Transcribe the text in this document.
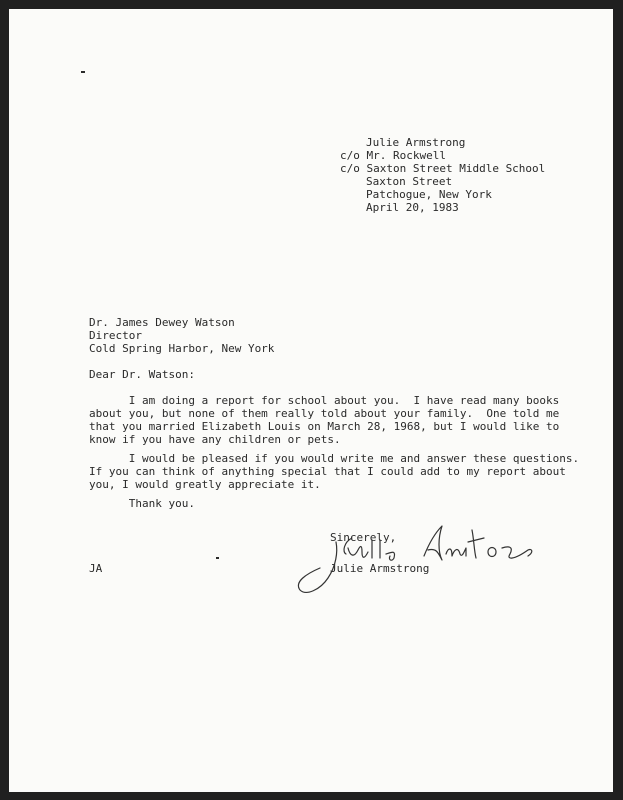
Julie Armstrong
c/o Mr. Rockwell
c/o Saxton Street Middle School
Saxton Street
Patchogue, New York
April 20, 1983
Dr. James Dewey Watson
Director
Cold Spring Harbor, New York
Dear Dr. Watson:
I am doing a report for school about you.  I have read many books
about you, but none of them really told about your family.  One told me
that you married Elizabeth Louis on March 28, 1968, but I would like to
know if you have any children or pets.
I would be pleased if you would write me and answer these questions.
If you can think of anything special that I could add to my report about
you, I would greatly appreciate it.
Thank you.
Sincerely,
Julie Armstrong
JA
